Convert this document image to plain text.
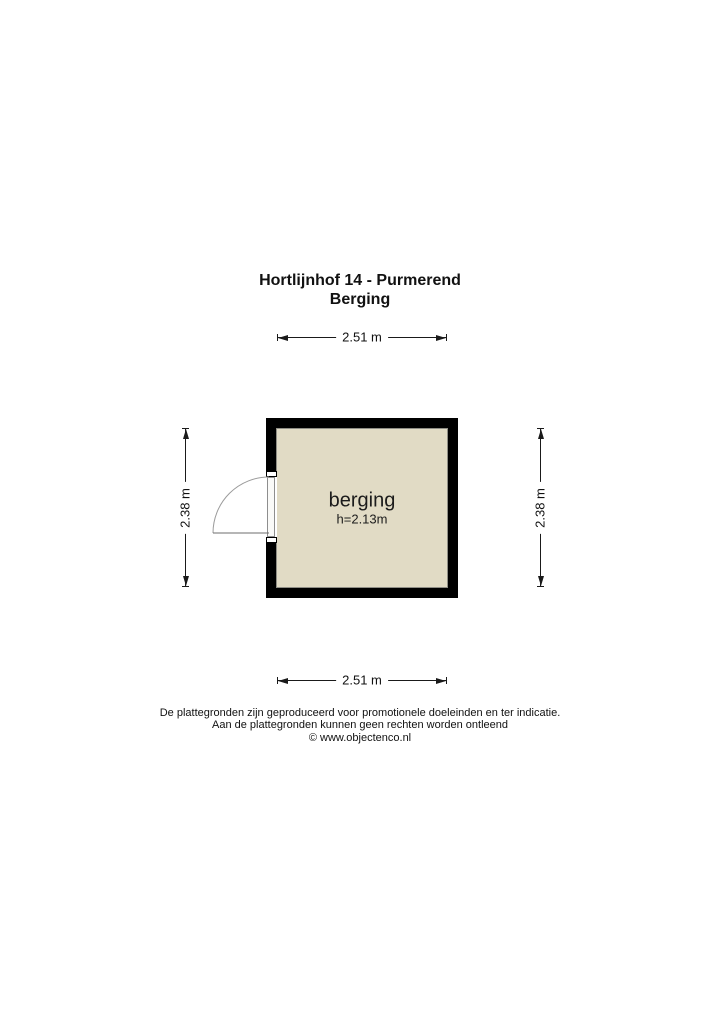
Hortlijnhof 14 - Purmerend
Berging
2.51 m
berging
h=2.13m
2.38 m	2.38 m
2.51 m
De plattegronden zijn geproduceerd voor promotionele doeleinden en ter indicatie.
Aan de plattegronden kunnen geen rechten worden ontleend
© www.objectenco.nl
